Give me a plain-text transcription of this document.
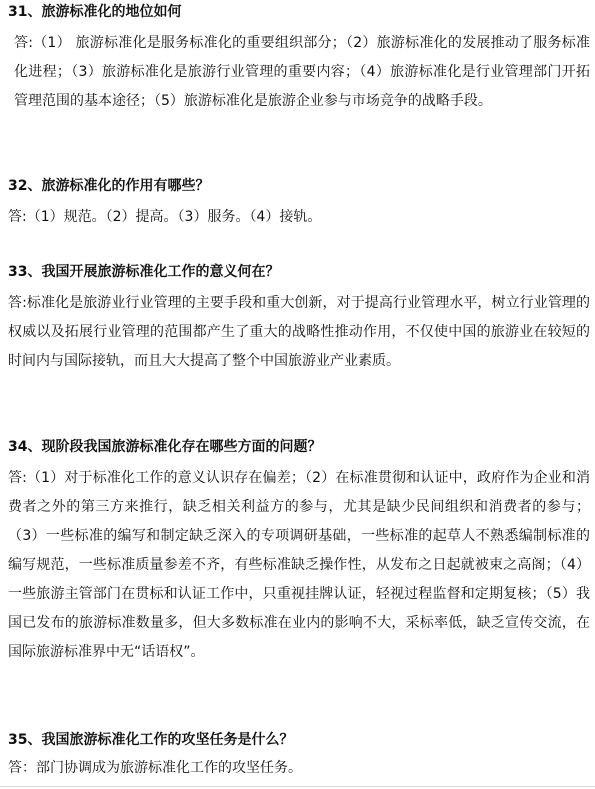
31、旅游标准化的地位如何

答:（1） 旅游标准化是服务标准化的重要组织部分；（2）旅游标准化的发展推动了服务标准化进程；（3）旅游标准化是旅游行业管理的重要内容；（4）旅游标准化是行业管理部门开拓管理范围的基本途径；（5）旅游标准化是旅游企业参与市场竞争的战略手段。

32、旅游标准化的作用有哪些？

答:（1）规范。（2）提高。（3）服务。（4）接轨。

33、我国开展旅游标准化工作的意义何在？

答:标准化是旅游业行业管理的主要手段和重大创新，对于提高行业管理水平，树立行业管理的权威以及拓展行业管理的范围都产生了重大的战略性推动作用，不仅使中国的旅游业在较短的时间内与国际接轨，而且大大提高了整个中国旅游业产业素质。

34、现阶段我国旅游标准化存在哪些方面的问题？

答:（1）对于标准化工作的意义认识存在偏差；（2）在标准贯彻和认证中，政府作为企业和消费者之外的第三方来推行，缺乏相关利益方的参与，尤其是缺少民间组织和消费者的参与；（3）一些标准的编写和制定缺乏深入的专项调研基础，一些标准的起草人不熟悉编制标准的编写规范，一些标准质量参差不齐，有些标准缺乏操作性，从发布之日起就被束之高阁；（4）一些旅游主管部门在贯标和认证工作中，只重视挂牌认证，轻视过程监督和定期复核；（5）我国已发布的旅游标准数量多，但大多数标准在业内的影响不大，采标率低，缺乏宣传交流，在国际旅游标准界中无“话语权”。

35、我国旅游标准化工作的攻坚任务是什么？

答：部门协调成为旅游标准化工作的攻坚任务。
